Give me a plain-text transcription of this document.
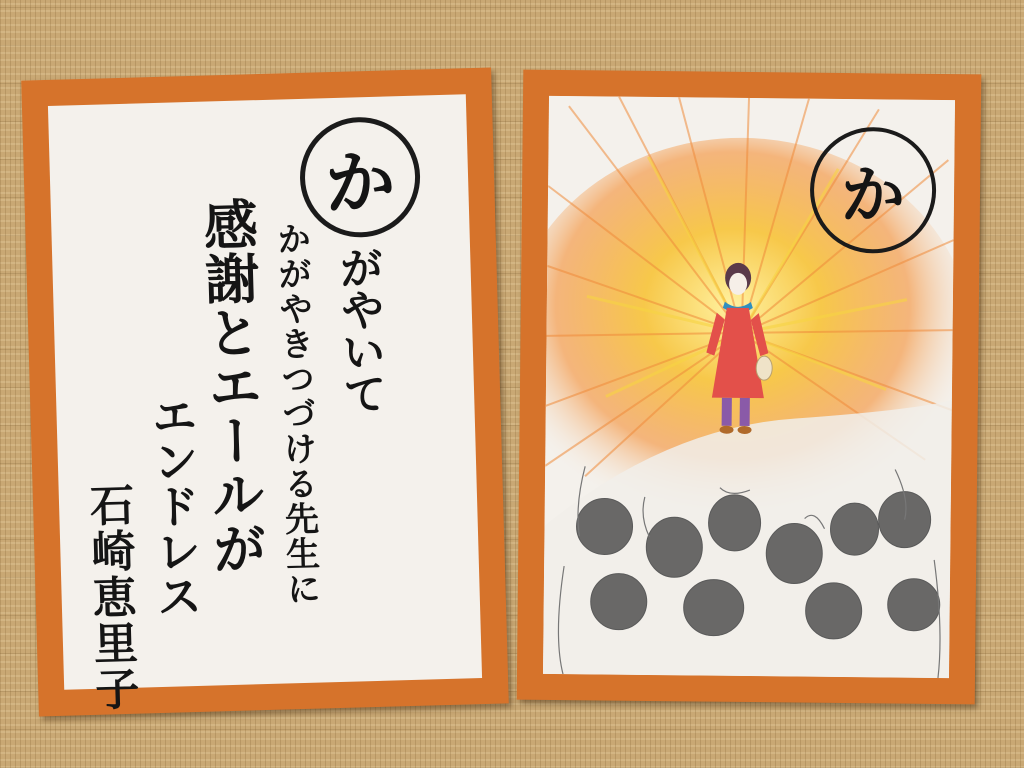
か
がやいて
かがやきつづける先生に
感謝とエールが
エンドレス
石崎恵里子
か
